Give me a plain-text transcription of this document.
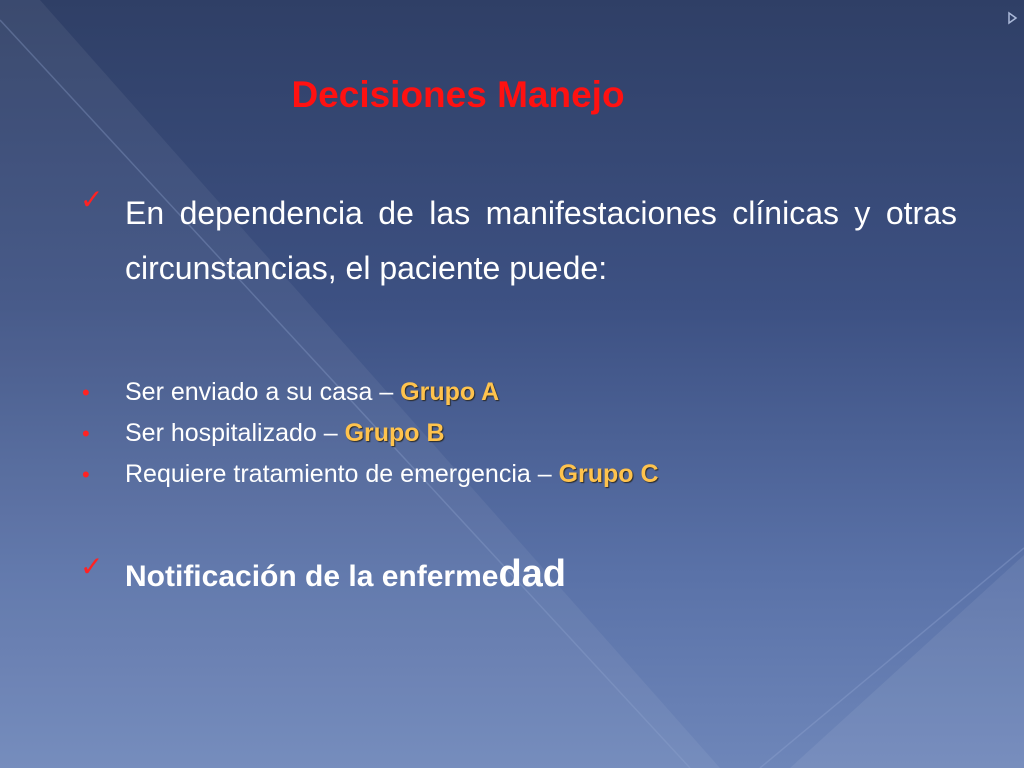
Decisiones Manejo
✓ En dependencia de las manifestaciones clínicas y otras circunstancias, el paciente puede:
• Ser enviado a su casa – Grupo A
• Ser hospitalizado – Grupo B
• Requiere tratamiento de emergencia – Grupo C
✓ Notificación de la enfermedad
